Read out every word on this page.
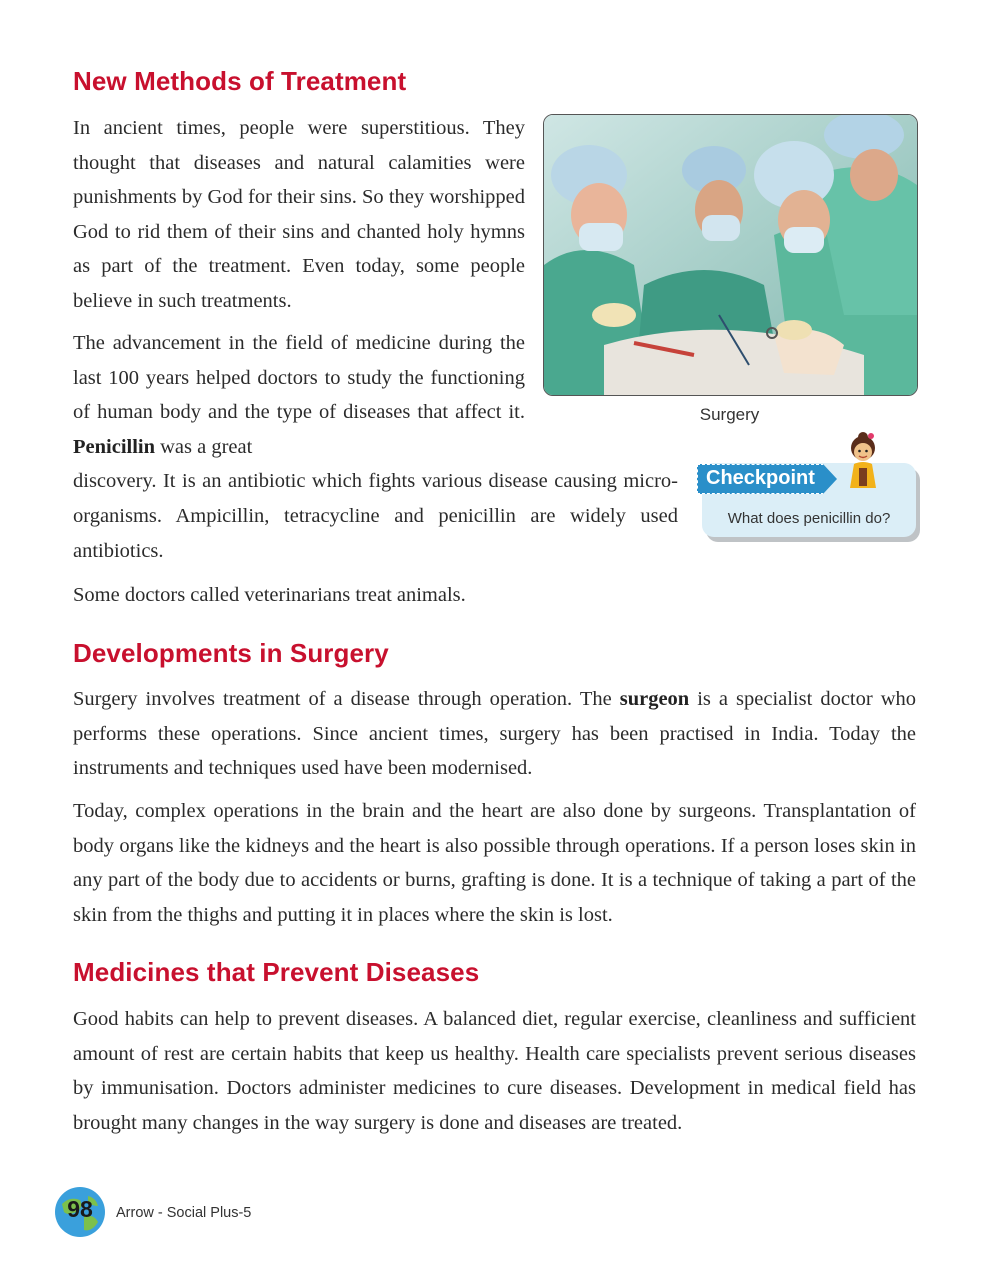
New Methods of Treatment

In ancient times, people were superstitious. They thought that diseases and natural calamities were punishments by God for their sins. So they worshipped God to rid them of their sins and chanted holy hymns as part of the treatment. Even today, some people believe in such treatments.

The advancement in the field of medicine during the last 100 years helped doctors to study the functioning of human body and the type of diseases that affect it. Penicillin was a great
discovery. It is an antibiotic which fights various disease causing micro-organisms. Ampicillin, tetracycline and penicillin are widely used antibiotics.

Some doctors called veterinarians treat animals.

Surgery
Checkpoint
What does penicillin do?
Developments in Surgery

Surgery involves treatment of a disease through operation. The surgeon is a specialist doctor who performs these operations. Since ancient times, surgery has been practised in India. Today the instruments and techniques used have been modernised.

Today, complex operations in the brain and the heart are also done by surgeons. Transplantation of body organs like the kidneys and the heart is also possible through operations. If a person loses skin in any part of the body due to accidents or burns, grafting is done. It is a technique of taking a part of the skin from the thighs and putting it in places where the skin is lost.

Medicines that Prevent Diseases

Good habits can help to prevent diseases. A balanced diet, regular exercise, cleanliness and sufficient amount of rest are certain habits that keep us healthy. Health care specialists prevent serious diseases by immunisation. Doctors administer medicines to cure diseases. Development in medical field has brought many changes in the way surgery is done and diseases are treated.

98	Arrow - Social Plus-5
